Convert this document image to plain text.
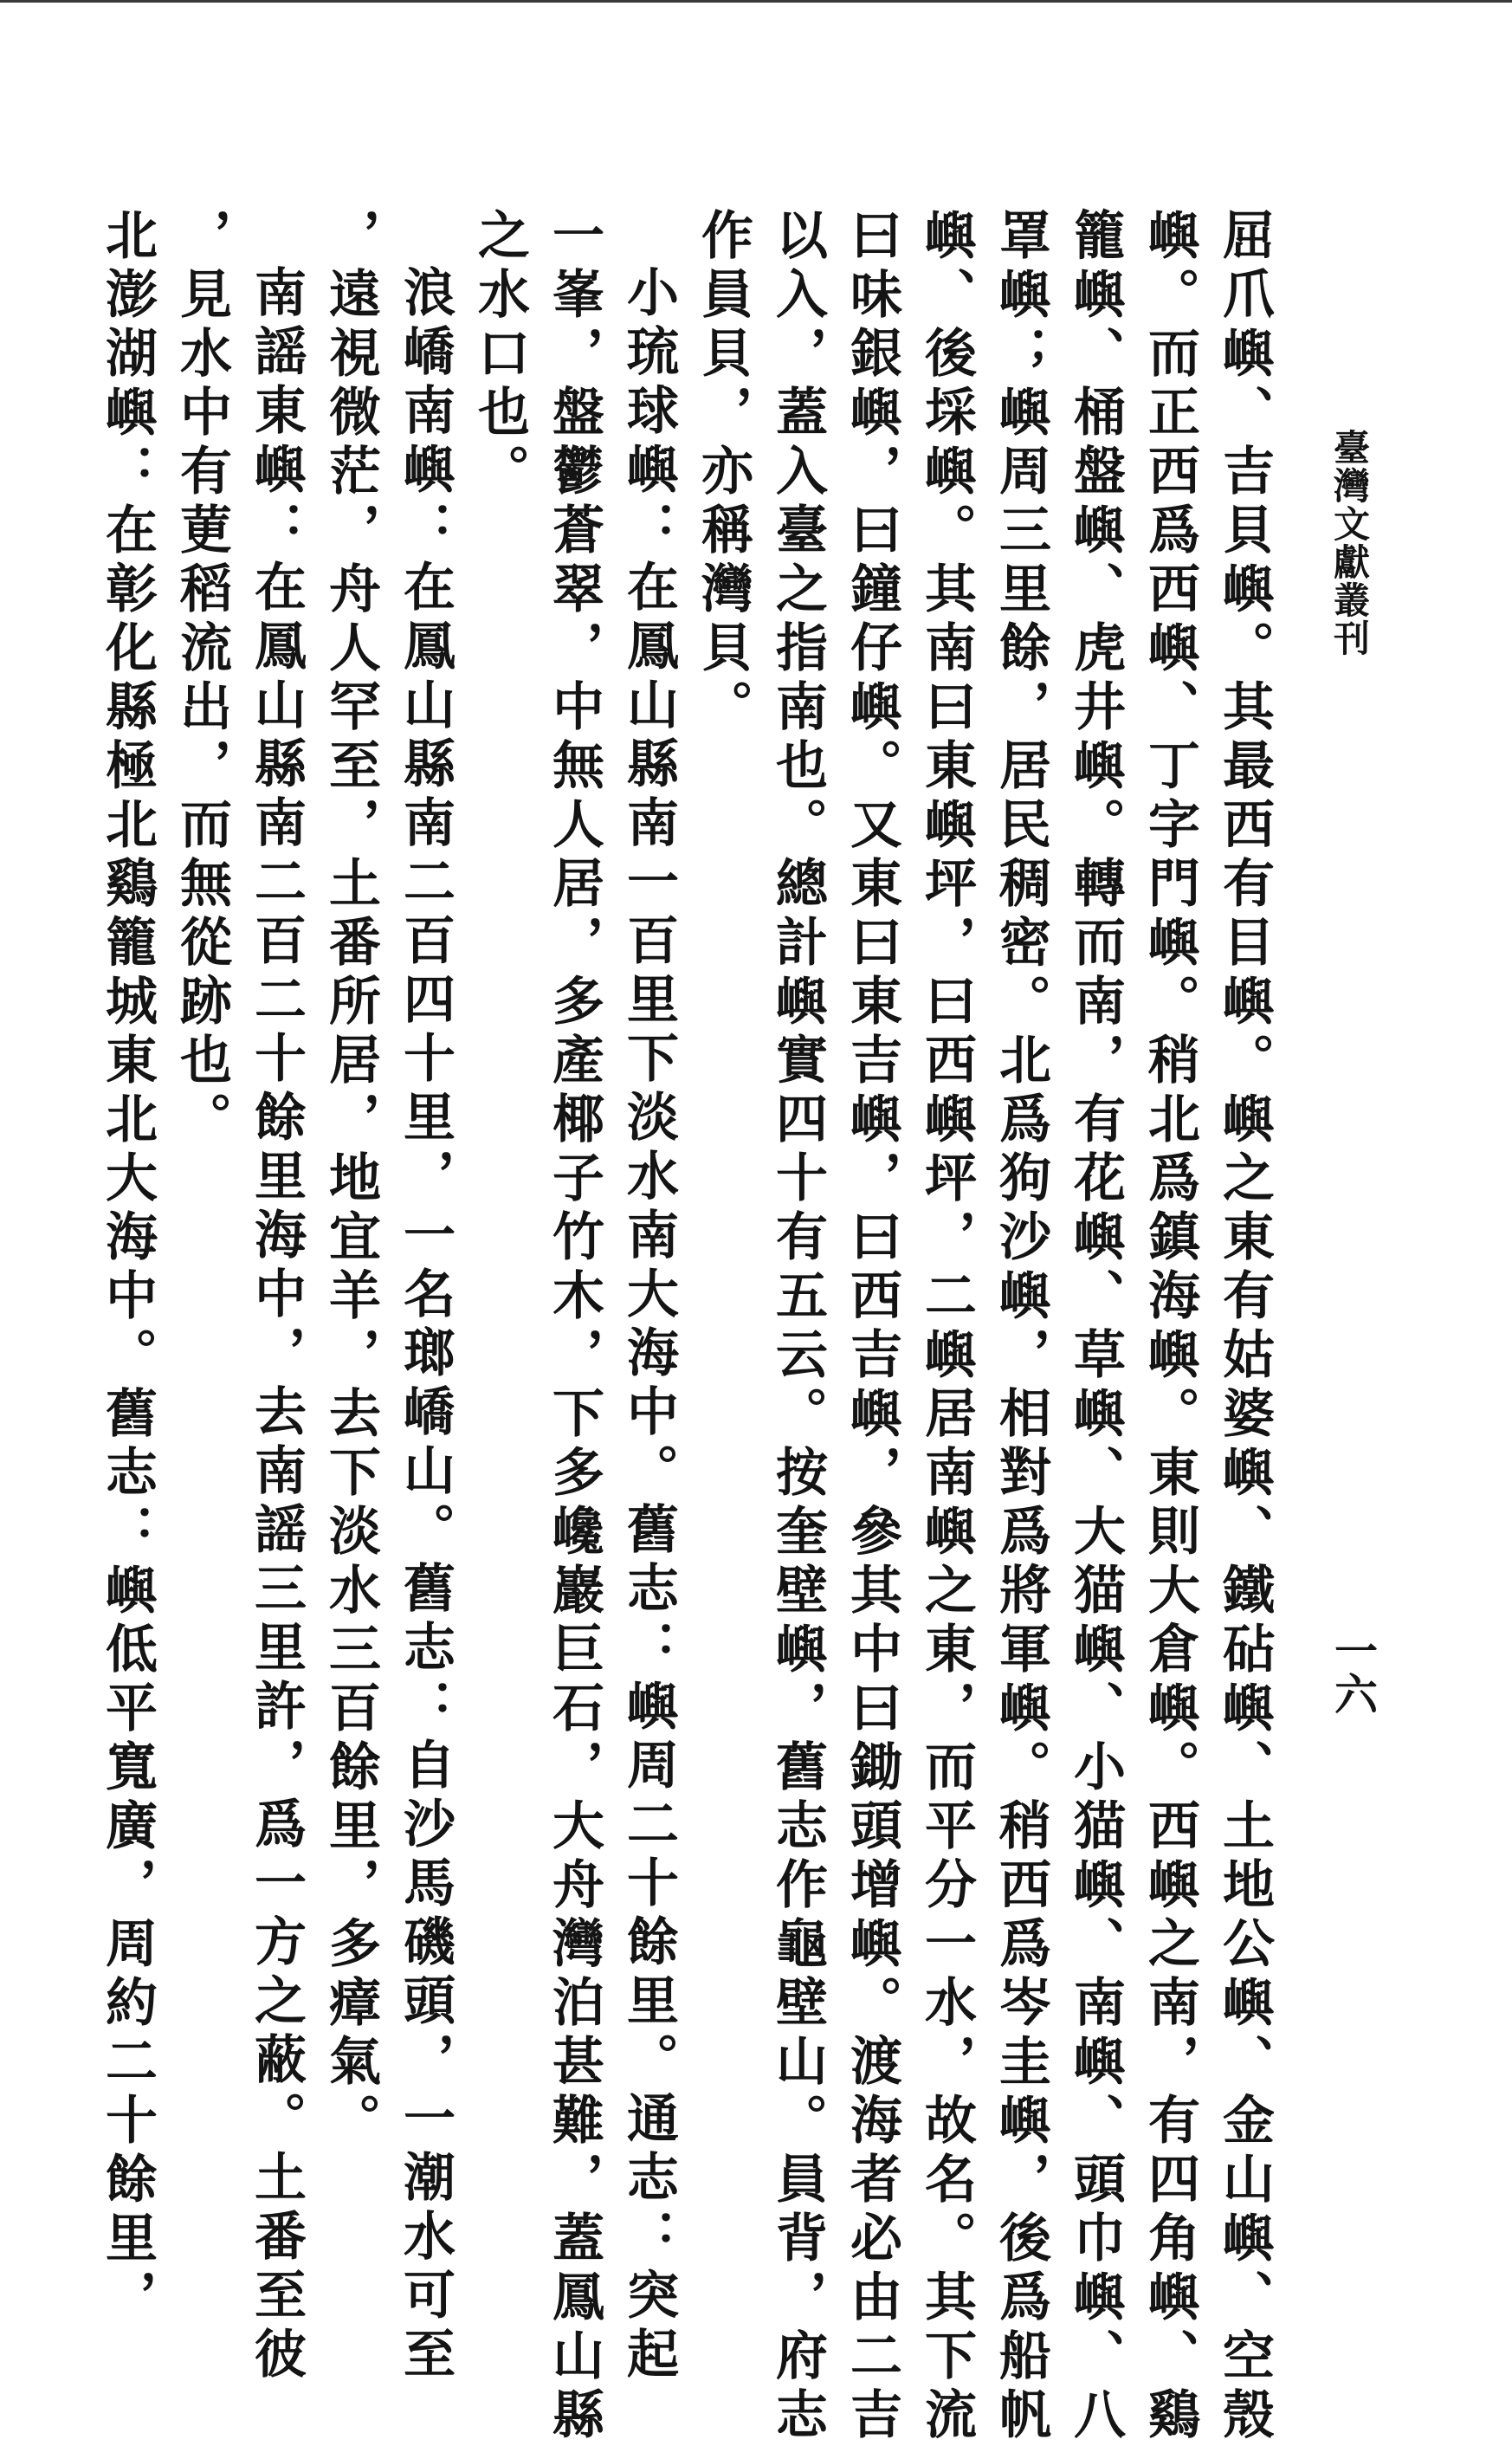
臺灣文獻叢刊
一六

屈爪嶼、吉貝嶼。其最西有目嶼。嶼之東有姑婆嶼、鐵砧嶼、土地公嶼、金山嶼、空殼

嶼。而正西爲西嶼、丁字門嶼。稍北爲鎮海嶼。東則大倉嶼。西嶼之南，有四角嶼、鷄

籠嶼、桶盤嶼、虎井嶼。轉而南，有花嶼、草嶼、大猫嶼、小猫嶼、南嶼、頭巾嶼、八

罩嶼；嶼周三里餘，居民稠密。北爲狗沙嶼，相對爲將軍嶼。稍西爲岑圭嶼，後爲船帆

嶼、後埰嶼。其南曰東嶼坪，曰西嶼坪，二嶼居南嶼之東，而平分一水，故名。其下流

曰味銀嶼，曰鐘仔嶼。又東曰東吉嶼，曰西吉嶼，參其中曰鋤頭增嶼。渡海者必由二吉

以入，蓋入臺之指南也。總計嶼實四十有五云。按奎壁嶼，舊志作龜壁山。員背，府志

作員貝，亦稱灣貝。

小琉球嶼：在鳳山縣南一百里下淡水南大海中。舊志：嶼周二十餘里。通志：突起

一峯，盤鬱蒼翠，中無人居，多產椰子竹木，下多巉巖巨石，大舟灣泊甚難，蓋鳳山縣

之水口也。

浪嶠南嶼：在鳳山縣南二百四十里，一名瑯嶠山。舊志：自沙馬磯頭，一潮水可至

，遠視微茫，舟人罕至，土番所居，地宜羊，去下淡水三百餘里，多瘴氣。

南謡東嶼：在鳳山縣南二百二十餘里海中，去南謡三里許，爲一方之蔽。土番至彼

，見水中有莄稻流出，而無從跡也。

北澎湖嶼：在彰化縣極北鷄籠城東北大海中。舊志：嶼低平寬廣，周約二十餘里，
